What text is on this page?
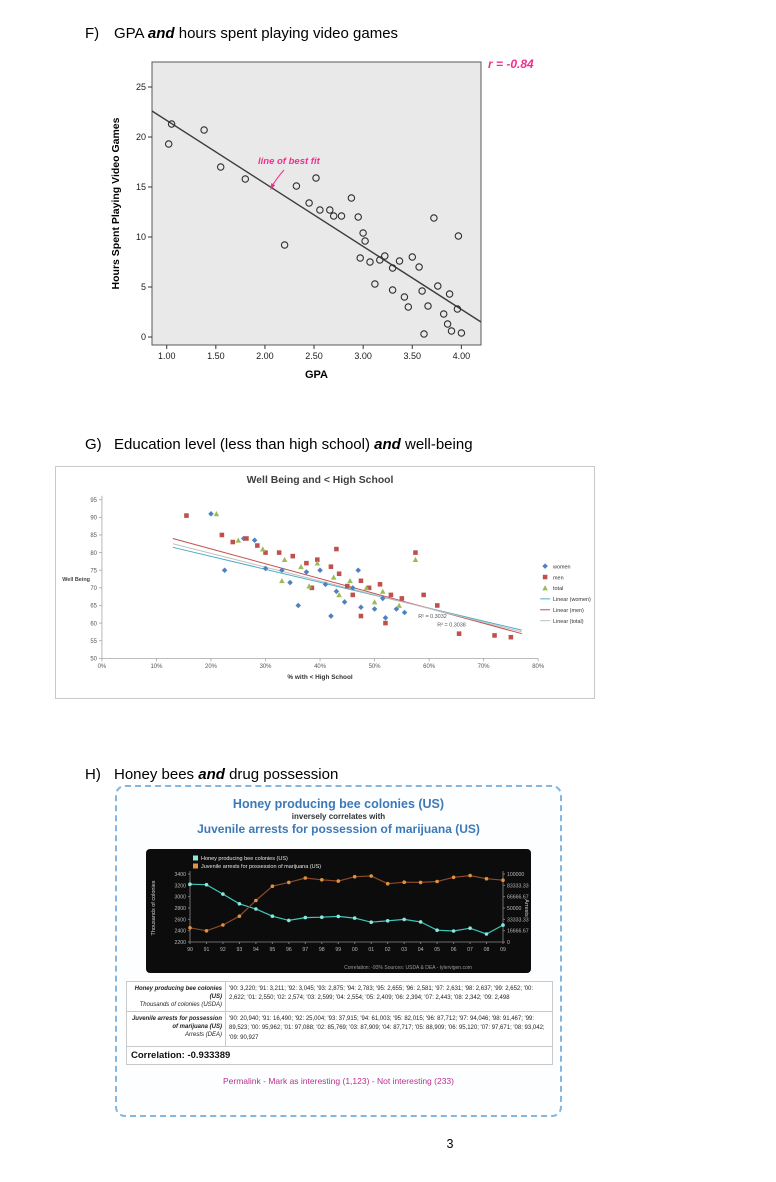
F) GPA and hours spent playing video games
1.00	1.50	2.00	2.50	3.00	3.50	4.00
0
5
10
15
20
25
GPA
Hours Spent Playing Video Games
r = -0.84
line of best fit
G) Education level (less than high school) and well-being
Well Being and < High School
50
55
60
65
70
75
80
85
90
95
0%	10%	20%	30%	40%	50%	60%	70%	80%
Well Being
% with < High School
R² = 0.3032
R² = 0.3038
women
men
total
Linear (women)
Linear (men)
Linear (total)
H) Honey bees and drug possession
Honey producing bee colonies (US)
inversely correlates with
Juvenile arrests for possession of marijuana (US)
2200
2400
2600
2800
3000
3200
3400
0
16666.67
33333.33
50000
66666.67
83333.33
100000
90 91 92 93 94 95 96 97 98 99 00 01 02 03 04 05 06 07 08 09
Thousands of colonies	Arrests
Honey producing bee colonies (US)
Juvenile arrests for possession of marijuana (US)
Correlation: -93% Sources: USDA & DEA - tylervigen.com
Honey producing bee colonies (US)
Thousands of colonies (USDA)	'90: 3,220; '91: 3,211; '92: 3,045; '93: 2,875; '94: 2,783; '95: 2,655; '96: 2,581; '97: 2,631; '98: 2,637; '99: 2,652; '00: 2,622; '01: 2,550; '02: 2,574; '03: 2,599; '04: 2,554; '05: 2,409; '06: 2,394; '07: 2,443; '08: 2,342; '09: 2,498

Juvenile arrests for possession of marijuana (US)
Arrests (DEA)	'90: 20,940; '91: 16,490; '92: 25,004; '93: 37,915; '94: 61,003; '95: 82,015; '96: 87,712; '97: 94,046; '98: 91,467; '99: 89,523; '00: 95,962; '01: 97,088; '02: 85,769; '03: 87,909; '04: 87,717; '05: 88,909; '06: 95,120; '07: 97,671; '08: 93,042; '09: 90,927
Correlation: -0.933389
Permalink - Mark as interesting (1,123) - Not interesting (233)
3
